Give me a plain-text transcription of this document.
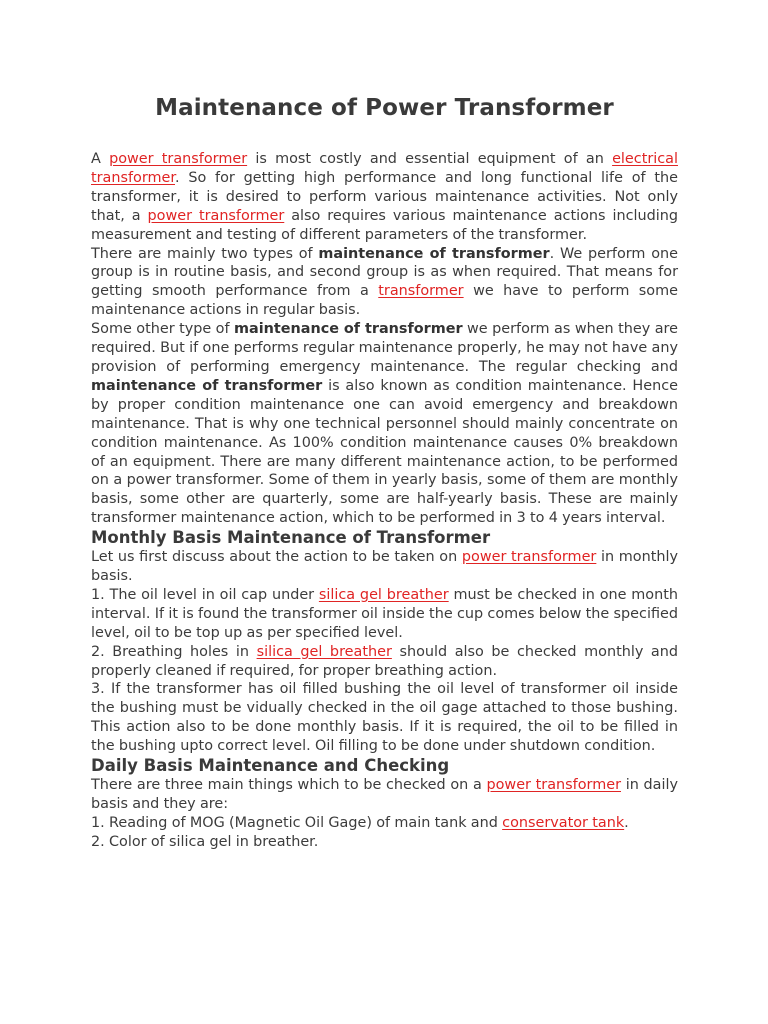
Maintenance of Power Transformer

A power transformer is most costly and essential equipment of an electrical transformer. So for getting high performance and long functional life of the transformer, it is desired to perform various maintenance activities. Not only that, a power transformer also requires various maintenance actions including measurement and testing of different parameters of the transformer.

There are mainly two types of maintenance of transformer. We perform one group is in routine basis, and second group is as when required. That means for getting smooth performance from a transformer we have to perform some maintenance actions in regular basis.

Some other type of maintenance of transformer we perform as when they are required. But if one performs regular maintenance properly, he may not have any provision of performing emergency maintenance. The regular checking and maintenance of transformer is also known as condition maintenance. Hence by proper condition maintenance one can avoid emergency and breakdown maintenance. That is why one technical personnel should mainly concentrate on condition maintenance. As 100% condition maintenance causes 0% breakdown of an equipment. There are many different maintenance action, to be performed on a power transformer. Some of them in yearly basis, some of them are monthly basis, some other are quarterly, some are half-yearly basis. These are mainly transformer maintenance action, which to be performed in 3 to 4 years interval.

Monthly Basis Maintenance of Transformer

Let us first discuss about the action to be taken on power transformer in monthly basis.

1. The oil level in oil cap under silica gel breather must be checked in one month interval. If it is found the transformer oil inside the cup comes below the specified level, oil to be top up as per specified level.

2. Breathing holes in silica gel breather should also be checked monthly and properly cleaned if required, for proper breathing action.

3. If the transformer has oil filled bushing the oil level of transformer oil inside the bushing must be vidually checked in the oil gage attached to those bushing. This action also to be done monthly basis. If it is required, the oil to be filled in the bushing upto correct level. Oil filling to be done under shutdown condition.

Daily Basis Maintenance and Checking

There are three main things which to be checked on a power transformer in daily basis and they are:

1. Reading of MOG (Magnetic Oil Gage) of main tank and conservator tank.

2. Color of silica gel in breather.
